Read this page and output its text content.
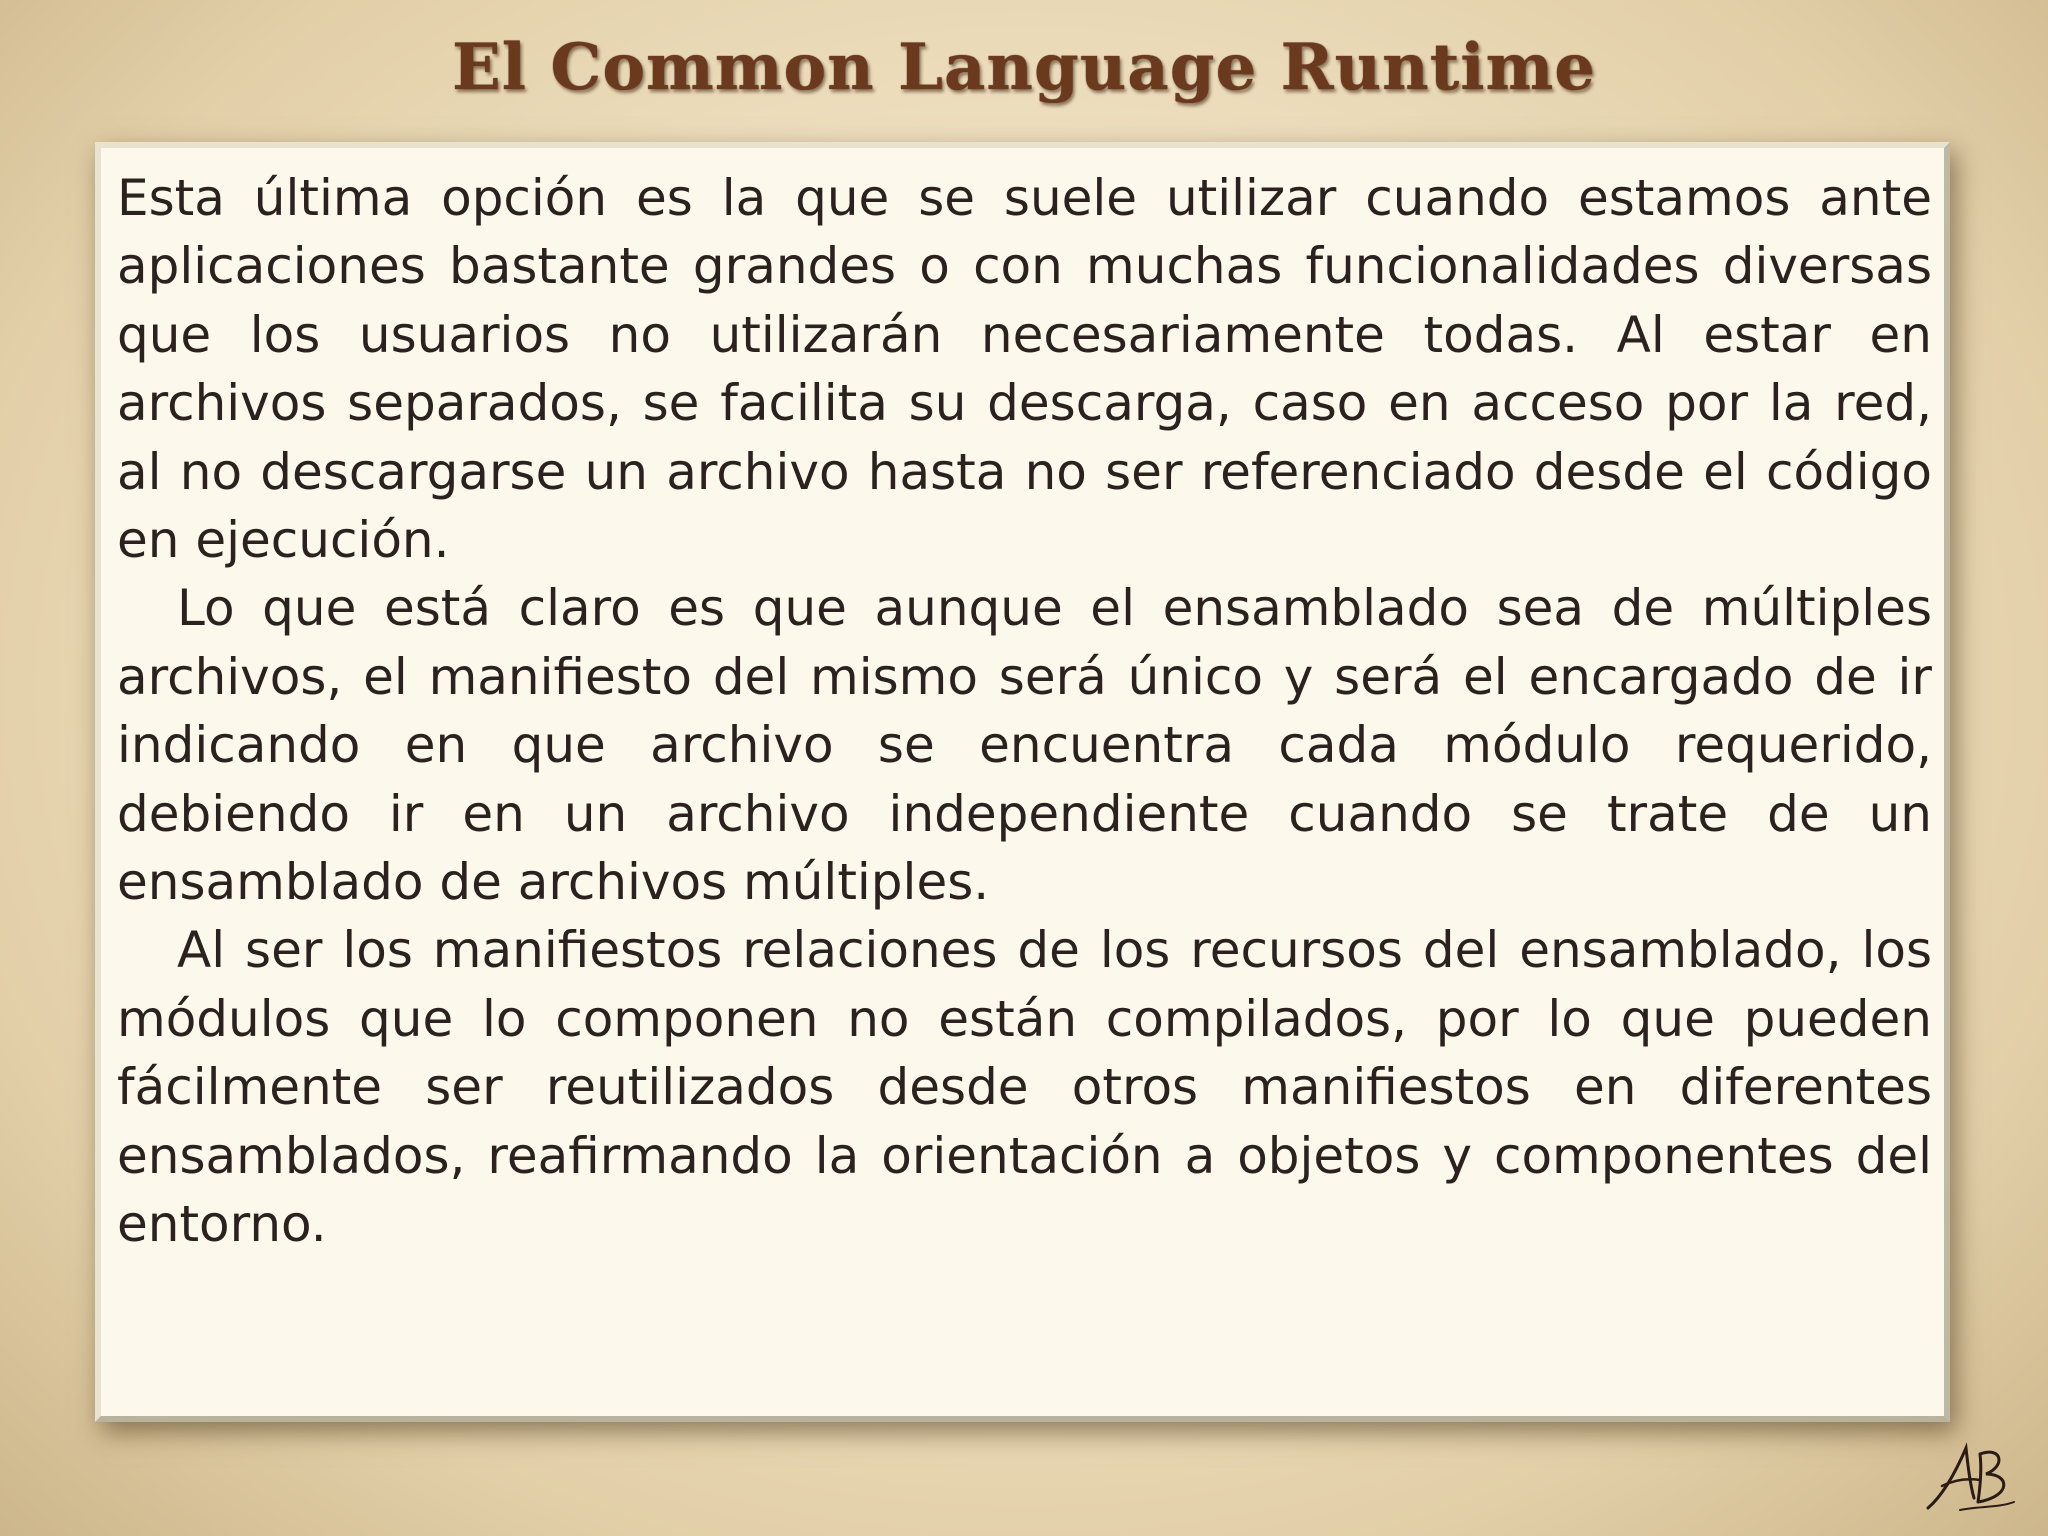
El Common Language Runtime

Esta última opción es la que se suele utilizar cuando estamos ante aplicaciones bastante grandes o con muchas funcionalidades diversas que los usuarios no utilizarán necesariamente todas. Al estar en archivos separados, se facilita su descarga, caso en acceso por la red, al no descargarse un archivo hasta no ser referenciado desde el código en ejecución.

Lo que está claro es que aunque el ensamblado sea de múltiples archivos, el manifiesto del mismo será único y será el encargado de ir indicando en que archivo se encuentra cada módulo requerido, debiendo ir en un archivo independiente cuando se trate de un ensamblado de archivos múltiples.

Al ser los manifiestos relaciones de los recursos del ensamblado, los módulos que lo componen no están compilados, por lo que pueden fácilmente ser reutilizados desde otros manifiestos en diferentes ensamblados, reafirmando la orientación a objetos y componentes del entorno.
